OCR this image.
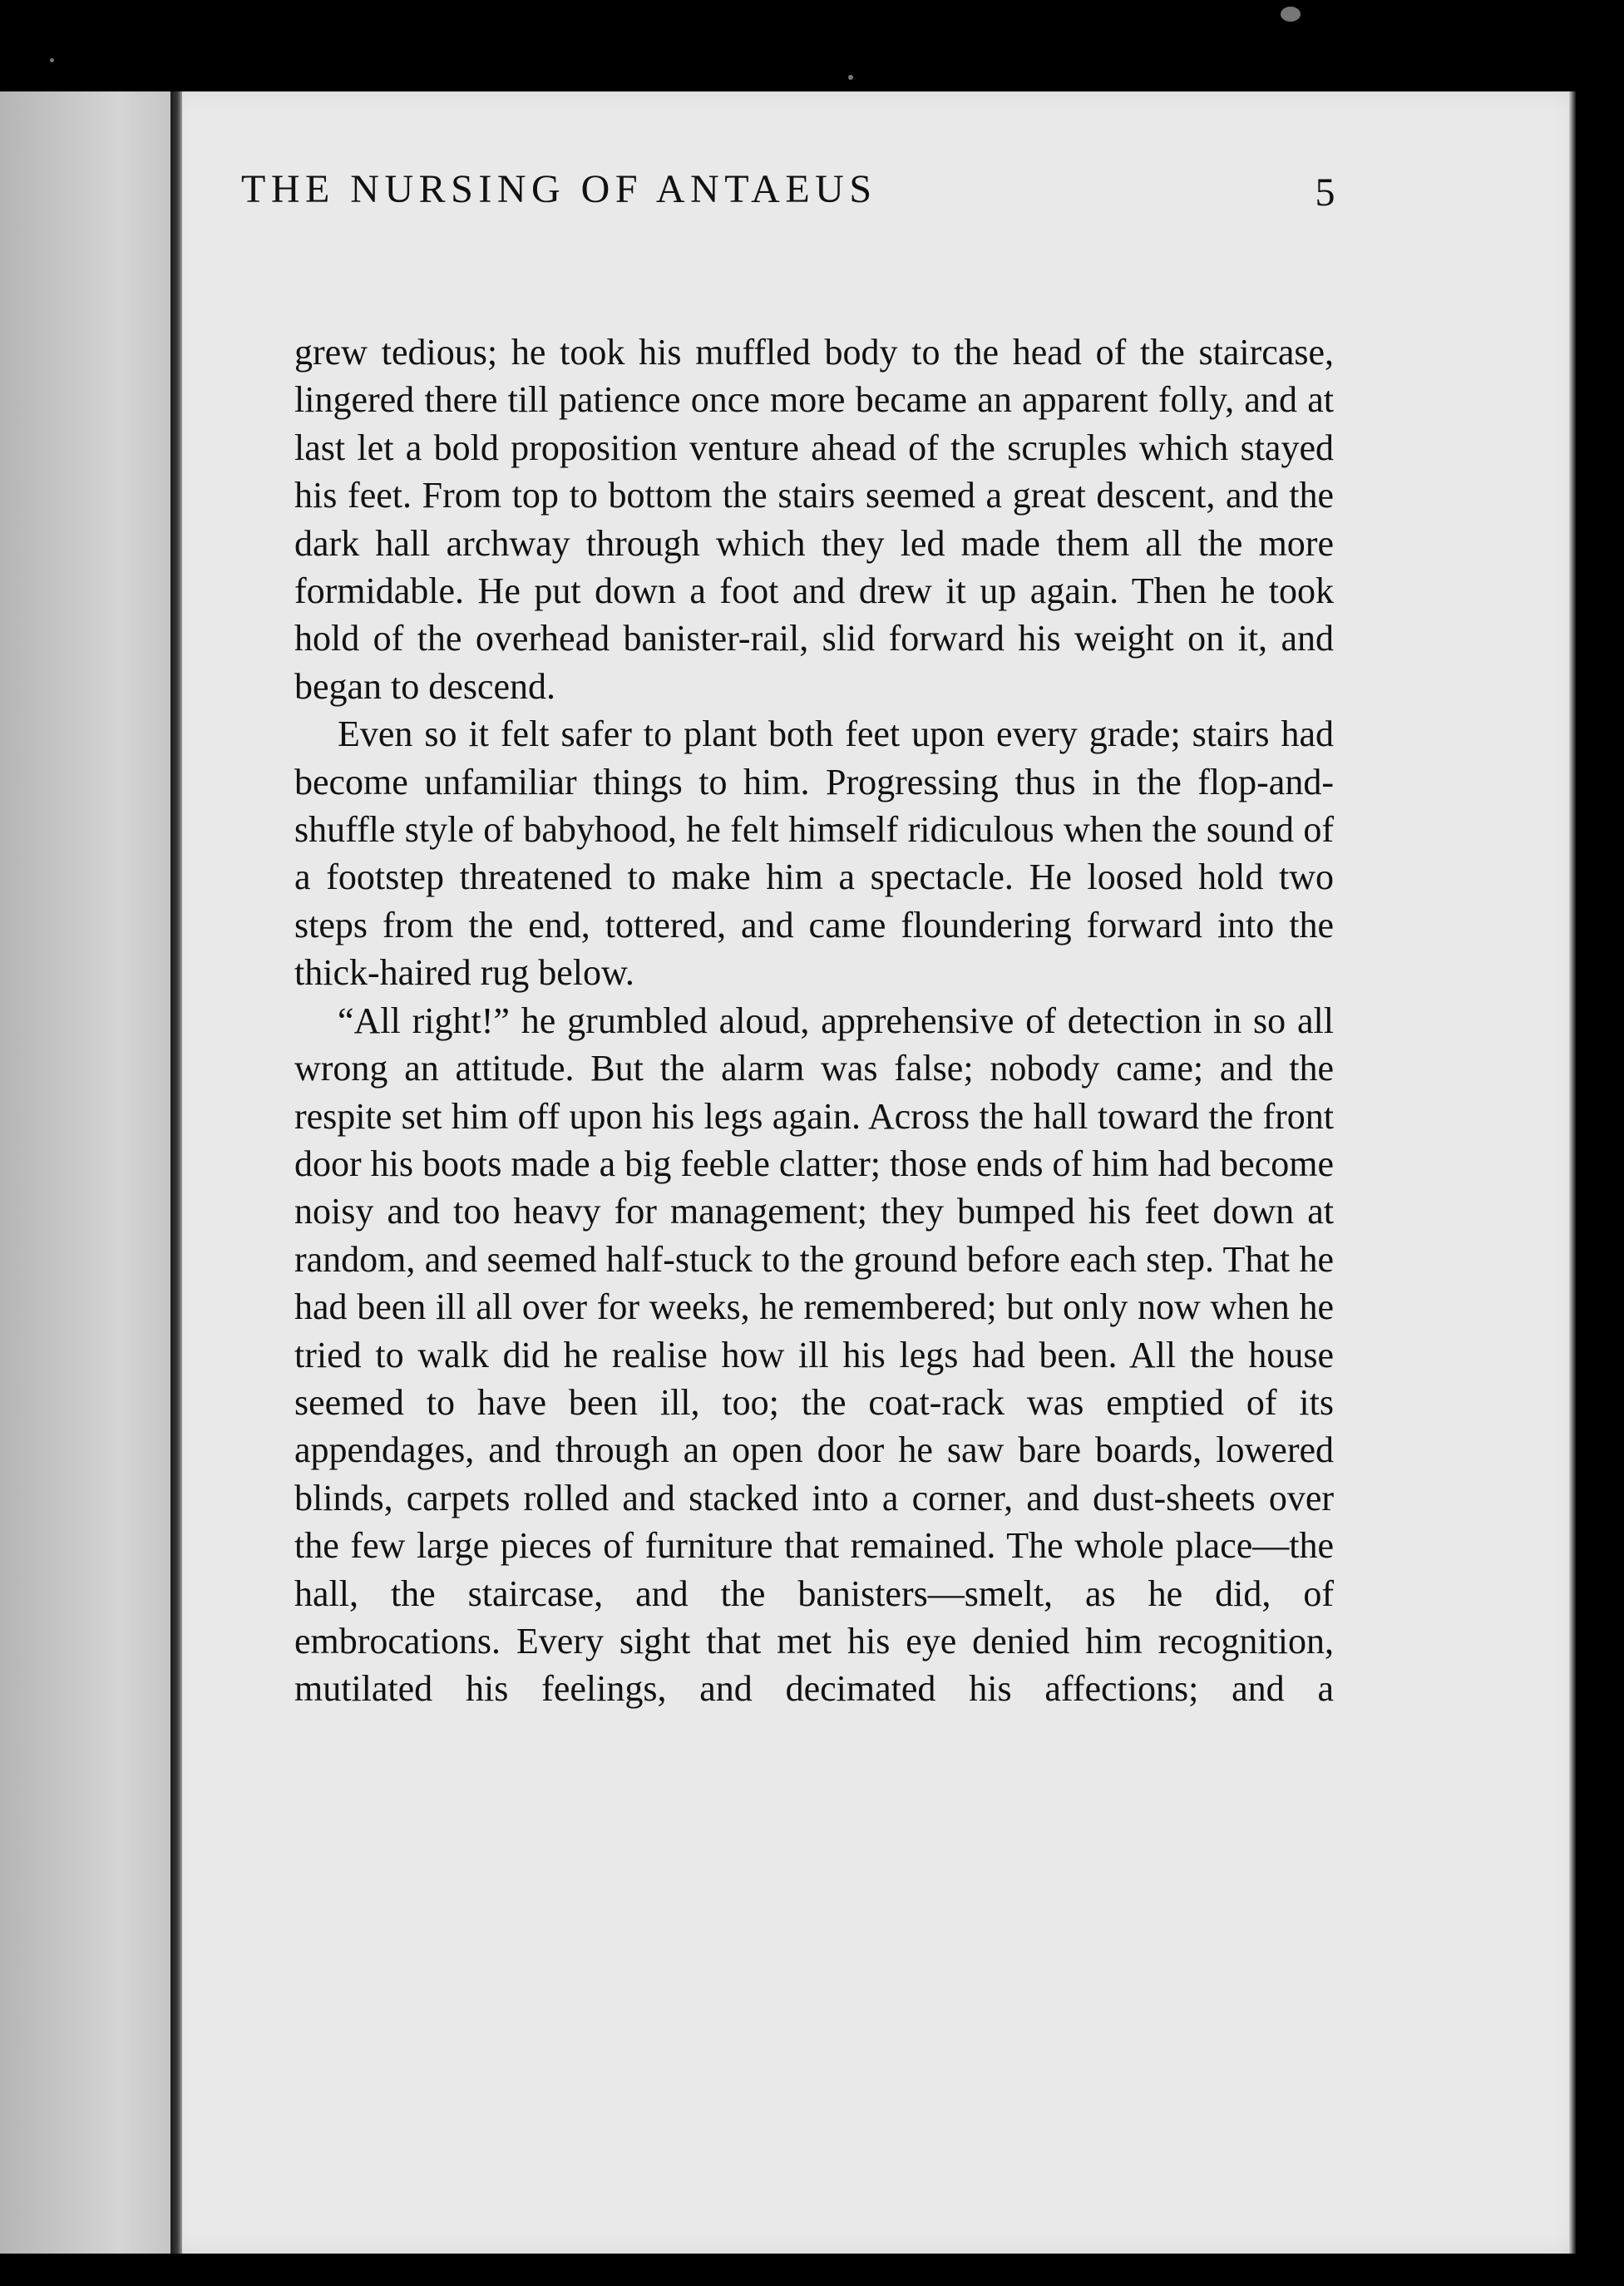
THE NURSING OF ANTAEUS	5

grew tedious; he took his muffled body to the head of the staircase, lingered there till patience once more became an apparent folly, and at last let a bold proposition venture ahead of the scruples which stayed his feet. From top to bottom the stairs seemed a great descent, and the dark hall archway through which they led made them all the more formidable. He put down a foot and drew it up again. Then he took hold of the overhead banister-rail, slid forward his weight on it, and began to descend.

Even so it felt safer to plant both feet upon every grade; stairs had become unfamiliar things to him. Progressing thus in the flop-and-shuffle style of babyhood, he felt himself ridiculous when the sound of a footstep threatened to make him a spectacle. He loosed hold two steps from the end, tottered, and came floundering forward into the thick-haired rug below.

“All right!” he grumbled aloud, apprehensive of detection in so all wrong an attitude. But the alarm was false; nobody came; and the respite set him off upon his legs again. Across the hall toward the front door his boots made a big feeble clatter; those ends of him had become noisy and too heavy for management; they bumped his feet down at random, and seemed half-stuck to the ground before each step. That he had been ill all over for weeks, he remembered; but only now when he tried to walk did he realise how ill his legs had been. All the house seemed to have been ill, too; the coat-rack was emptied of its appendages, and through an open door he saw bare boards, lowered blinds, carpets rolled and stacked into a corner, and dust-sheets over the few large pieces of furniture that remained. The whole place—the hall, the staircase, and the banisters—smelt, as he did, of embrocations. Every sight that met his eye denied him recognition, mutilated his feelings, and decimated his affections; and a
